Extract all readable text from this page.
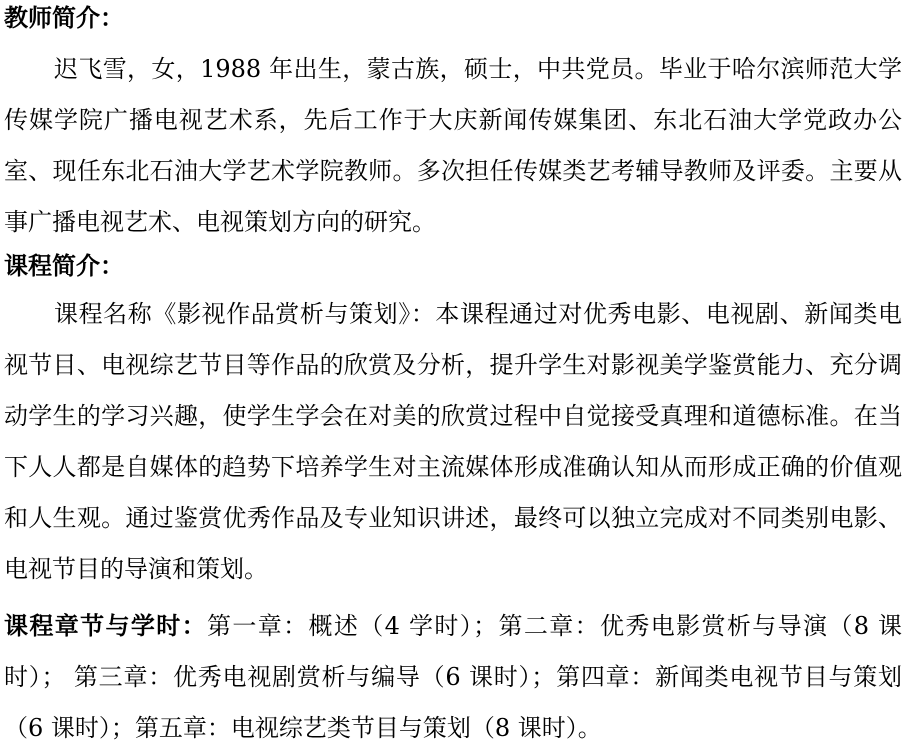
教师简介：

迟飞雪，女，1988 年出生，蒙古族，硕士，中共党员。毕业于哈尔滨师范大学传媒学院广播电视艺术系，先后工作于大庆新闻传媒集团、东北石油大学党政办公室、现任东北石油大学艺术学院教师。多次担任传媒类艺考辅导教师及评委。主要从事广播电视艺术、电视策划方向的研究。

课程简介：

课程名称《影视作品赏析与策划》：本课程通过对优秀电影、电视剧、新闻类电视节目、电视综艺节目等作品的欣赏及分析，提升学生对影视美学鉴赏能力、充分调动学生的学习兴趣，使学生学会在对美的欣赏过程中自觉接受真理和道德标准。在当下人人都是自媒体的趋势下培养学生对主流媒体形成准确认知从而形成正确的价值观和人生观。通过鉴赏优秀作品及专业知识讲述，最终可以独立完成对不同类别电影、电视节目的导演和策划。

课程章节与学时：第一章：概述（4 学时）；第二章：优秀电影赏析与导演（8 课时）； 第三章：优秀电视剧赏析与编导（6 课时）；第四章：新闻类电视节目与策划（6 课时）；第五章：电视综艺类节目与策划（8 课时）。
